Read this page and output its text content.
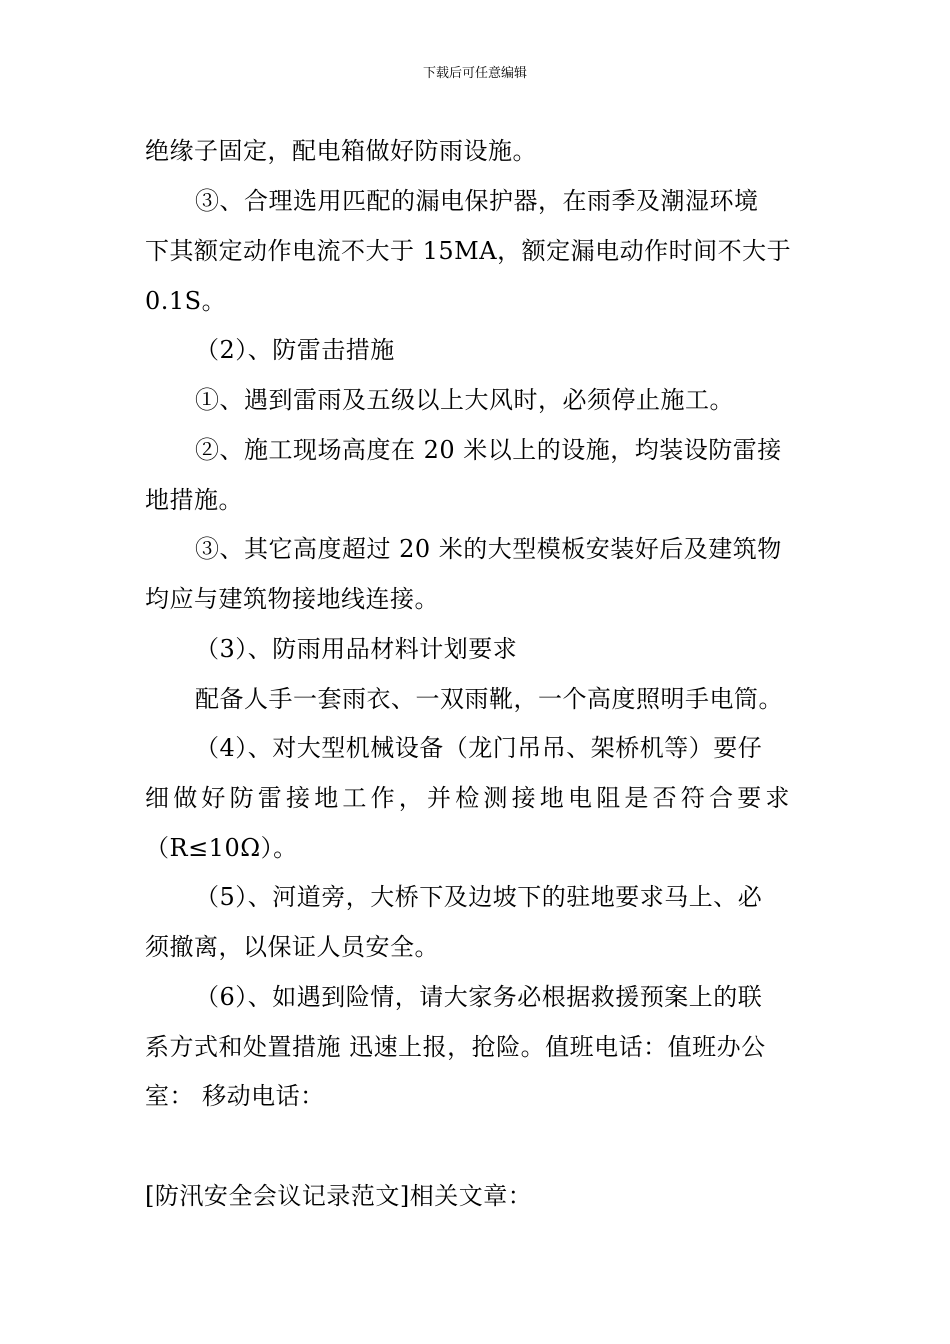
下载后可任意编辑
绝缘子固定，配电箱做好防雨设施。
③、合理选用匹配的漏电保护器，在雨季及潮湿环境
下其额定动作电流不大于 15MA，额定漏电动作时间不大于
0.1S。
（2）、防雷击措施
①、遇到雷雨及五级以上大风时，必须停止施工。
②、施工现场高度在 20 米以上的设施，均装设防雷接
地措施。
③、其它高度超过 20 米的大型模板安装好后及建筑物
均应与建筑物接地线连接。
（3）、防雨用品材料计划要求
配备人手一套雨衣、一双雨靴，一个高度照明手电筒。
（4）、对大型机械设备（龙门吊吊、架桥机等）要仔
细做好防雷接地工作，并检测接地电阻是否符合要求
（R≤10Ω）。
（5）、河道旁，大桥下及边坡下的驻地要求马上、必
须撤离，以保证人员安全。
（6）、如遇到险情，请大家务必根据救援预案上的联
系方式和处置措施 迅速上报，抢险。值班电话：值班办公
室： 移动电话：
[防汛安全会议记录范文]相关文章：
